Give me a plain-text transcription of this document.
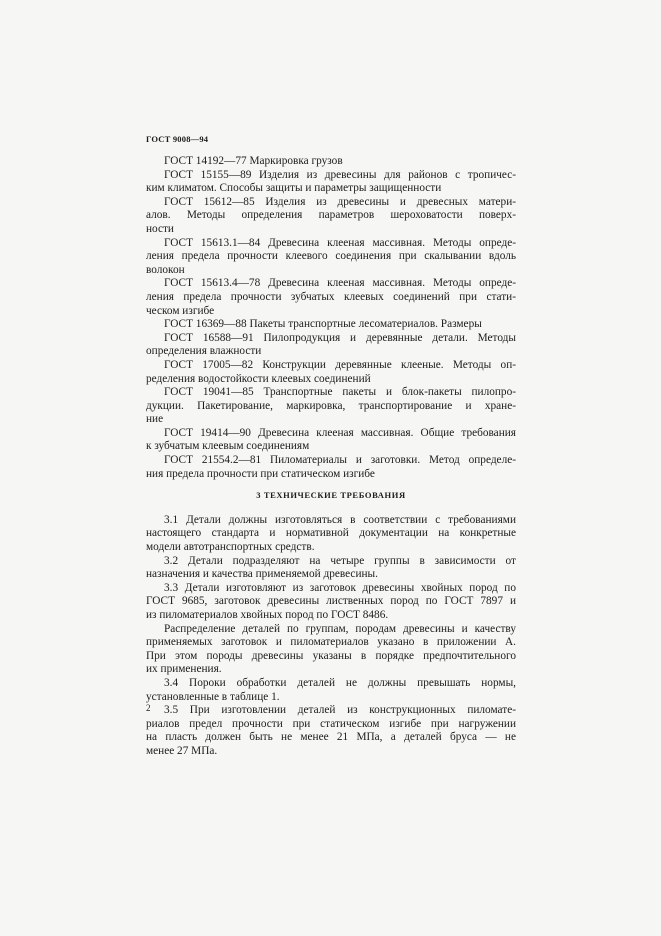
ГОСТ 9008—94
ГОСТ 14192—77 Маркировка грузов
ГОСТ 15155—89 Изделия из древесины для районов с тропичес-
ким климатом. Способы защиты и параметры защищенности
ГОСТ 15612—85 Изделия из древесины и древесных матери-
алов. Методы определения параметров шероховатости поверх-
ности
ГОСТ 15613.1—84 Древесина клееная массивная. Методы опреде-
ления предела прочности клеевого соединения при скалывании вдоль
волокон
ГОСТ 15613.4—78 Древесина клееная массивная. Методы опреде-
ления предела прочности зубчатых клеевых соединений при стати-
ческом изгибе
ГОСТ 16369—88 Пакеты транспортные лесоматериалов. Размеры
ГОСТ 16588—91 Пилопродукция и деревянные детали. Методы
определения влажности
ГОСТ 17005—82 Конструкции деревянные клееные. Методы оп-
ределения водостойкости клеевых соединений
ГОСТ 19041—85 Транспортные пакеты и блок-пакеты пилопро-
дукции. Пакетирование, маркировка, транспортирование и хране-
ние
ГОСТ 19414—90 Древесина клееная массивная. Общие требования
к зубчатым клеевым соединениям
ГОСТ 21554.2—81 Пиломатериалы и заготовки. Метод определе-
ния предела прочности при статическом изгибе
3 ТЕХНИЧЕСКИЕ ТРЕБОВАНИЯ
3.1 Детали должны изготовляться в соответствии с требованиями
настоящего стандарта и нормативной документации на конкретные
модели автотранспортных средств.
3.2 Детали подразделяют на четыре группы в зависимости от
назначения и качества применяемой древесины.
3.3 Детали изготовляют из заготовок древесины хвойных пород по
ГОСТ 9685, заготовок древесины лиственных пород по ГОСТ 7897 и
из пиломатериалов хвойных пород по ГОСТ 8486.
Распределение деталей по группам, породам древесины и качеству
применяемых заготовок и пиломатериалов указано в приложении А.
При этом породы древесины указаны в порядке предпочтительного
их применения.
3.4 Пороки обработки деталей не должны превышать нормы,
установленные в таблице 1.
3.5 При изготовлении деталей из конструкционных пиломате-
риалов предел прочности при статическом изгибе при нагружении
на пласть должен быть не менее 21 МПа, а деталей бруса — не
менее 27 МПа.
2
